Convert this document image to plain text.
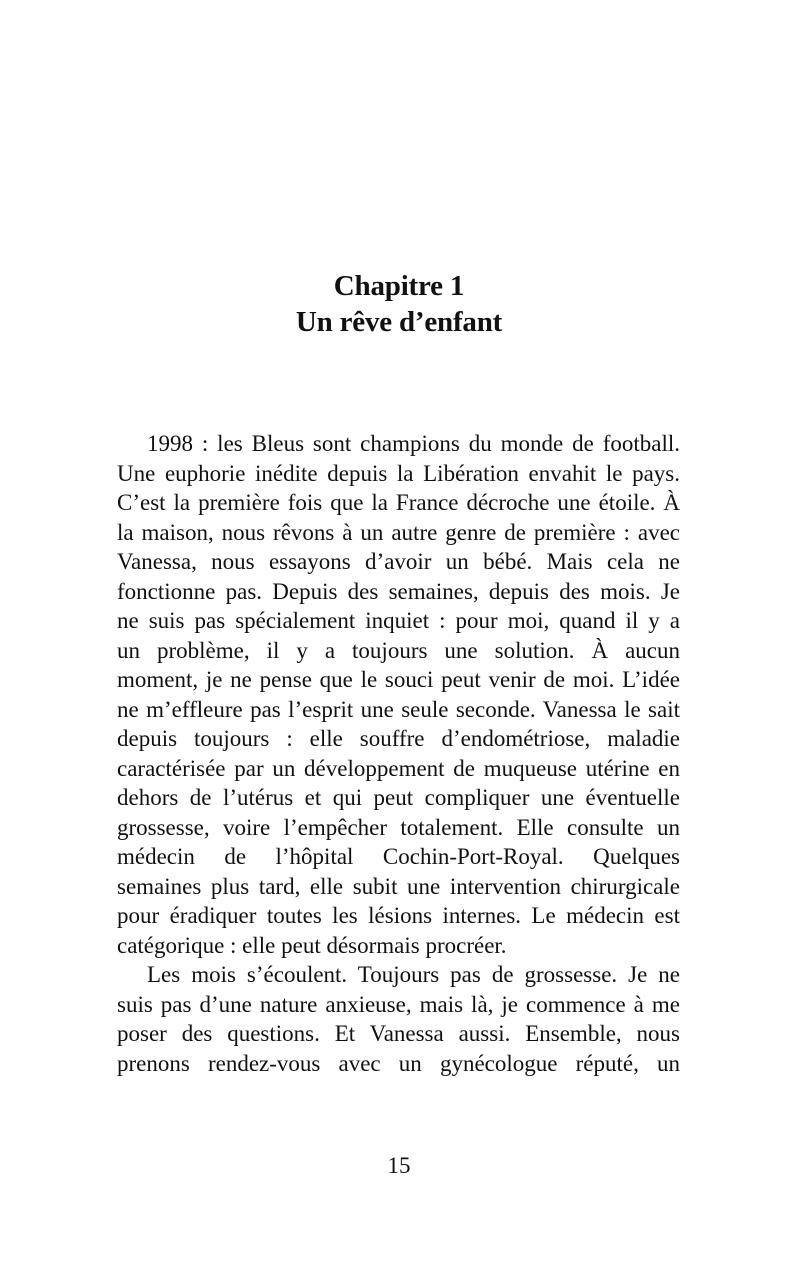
Chapitre 1
Un rêve d’enfant
1998 : les Bleus sont champions du monde de football.
Une euphorie inédite depuis la Libération envahit le pays.
C’est la première fois que la France décroche une étoile. À
la maison, nous rêvons à un autre genre de première : avec
Vanessa, nous essayons d’avoir un bébé. Mais cela ne
fonctionne pas. Depuis des semaines, depuis des mois. Je
ne suis pas spécialement inquiet : pour moi, quand il y a
un problème, il y a toujours une solution. À aucun
moment, je ne pense que le souci peut venir de moi. L’idée
ne m’effleure pas l’esprit une seule seconde. Vanessa le sait
depuis toujours : elle souffre d’endométriose, maladie
caractérisée par un développement de muqueuse utérine en
dehors de l’utérus et qui peut compliquer une éventuelle
grossesse, voire l’empêcher totalement. Elle consulte un
médecin de l’hôpital Cochin-Port-Royal. Quelques
semaines plus tard, elle subit une intervention chirurgicale
pour éradiquer toutes les lésions internes. Le médecin est
catégorique : elle peut désormais procréer.
Les mois s’écoulent. Toujours pas de grossesse. Je ne
suis pas d’une nature anxieuse, mais là, je commence à me
poser des questions. Et Vanessa aussi. Ensemble, nous
prenons rendez-vous avec un gynécologue réputé, un
15
